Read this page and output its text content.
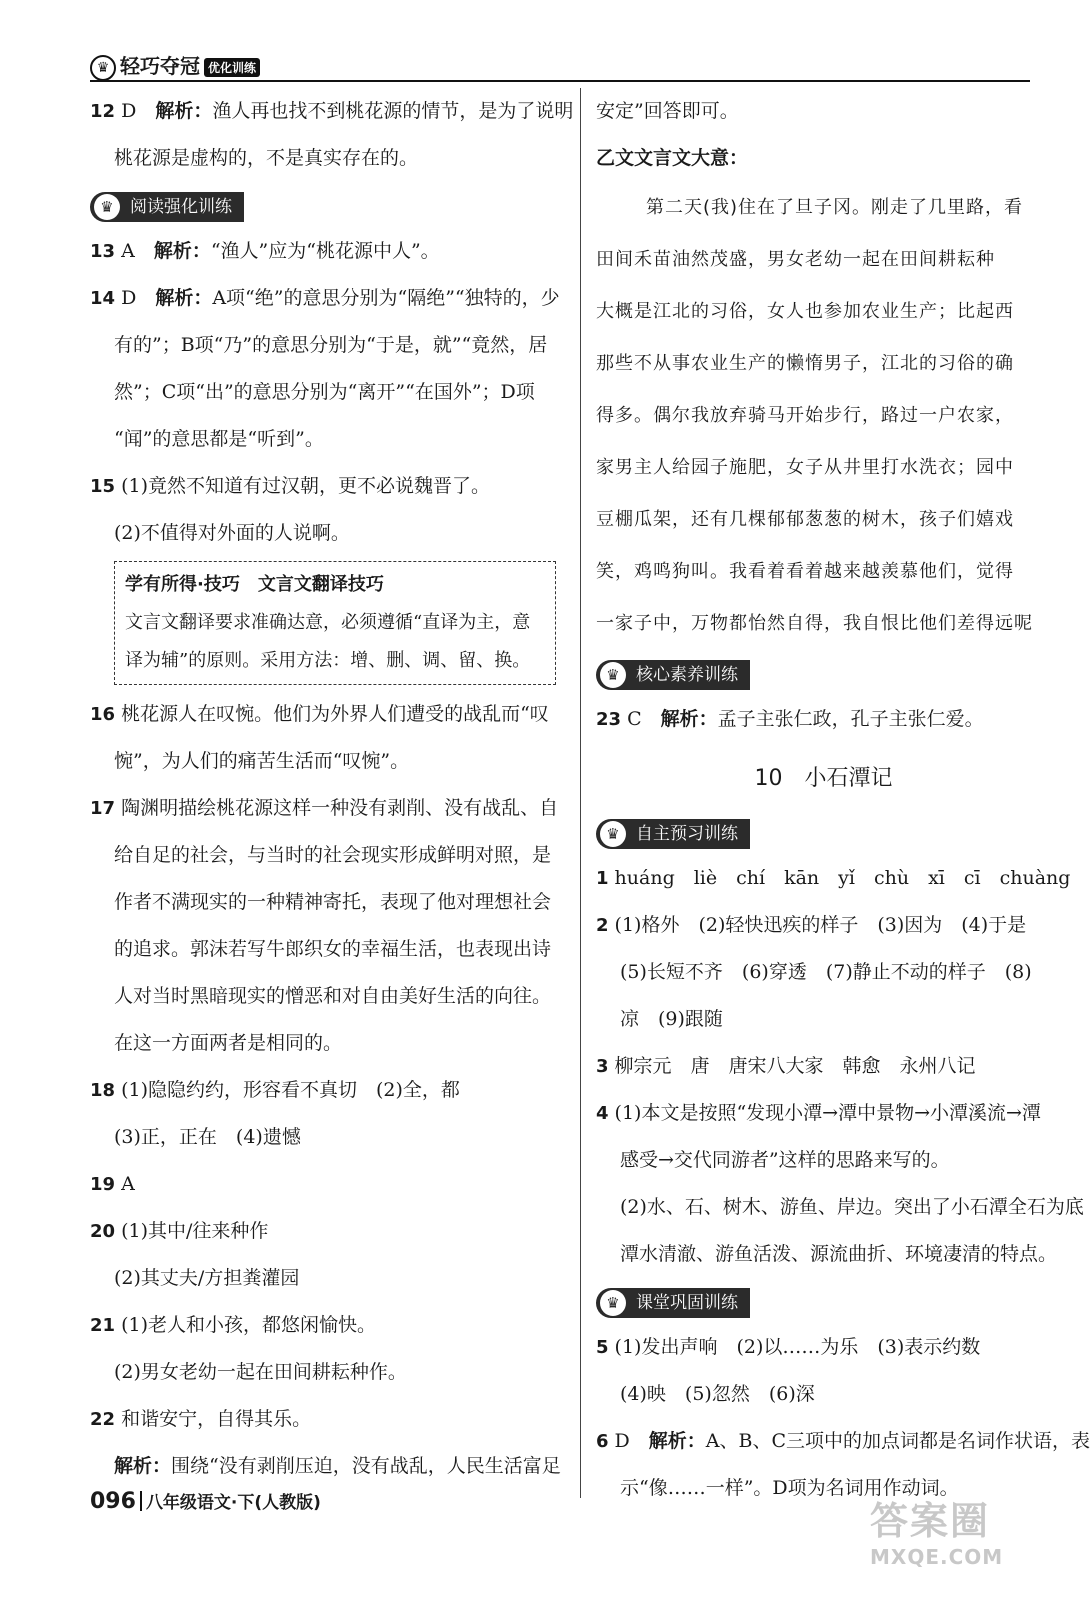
♛ 轻巧夺冠 优化训练
12 D　 解析：渔人再也找不到桃花源的情节，是为了说明
桃花源是虚构的，不是真实存在的。
♛ 阅读强化训练
13 A　 解析：“渔人”应为“桃花源中人”。
14 D　 解析：A项“绝”的意思分别为“隔绝”“独特的，少
有的”；B项“乃”的意思分别为“于是，就”“竟然，居
然”；C项“出”的意思分别为“离开”“在国外”；D项
“闻”的意思都是“听到”。
15 (1)竟然不知道有过汉朝，更不必说魏晋了。
(2)不值得对外面的人说啊。
学有所得·技巧　文言文翻译技巧
文言文翻译要求准确达意，必须遵循“直译为主，意
译为辅”的原则。采用方法：增、删、调、留、换。
16 桃花源人在叹惋。他们为外界人们遭受的战乱而“叹
惋”，为人们的痛苦生活而“叹惋”。
17 陶渊明描绘桃花源这样一种没有剥削、没有战乱、自
给自足的社会，与当时的社会现实形成鲜明对照，是
作者不满现实的一种精神寄托，表现了他对理想社会
的追求。郭沫若写牛郎织女的幸福生活，也表现出诗
人对当时黑暗现实的憎恶和对自由美好生活的向往。
在这一方面两者是相同的。
18 (1)隐隐约约，形容看不真切　(2)全，都
(3)正，正在　(4)遗憾
19 A
20 (1)其中/往来种作
(2)其丈夫/方担粪灌园
21 (1)老人和小孩，都悠闲愉快。
(2)男女老幼一起在田间耕耘种作。
22 和谐安宁，自得其乐。
解析：围绕“没有剥削压迫，没有战乱，人民生活富足
安定”回答即可。
乙文文言文大意：
第二天(我)住在了旦子冈。刚走了几里路，看
田间禾苗油然茂盛，男女老幼一起在田间耕耘种
大概是江北的习俗，女人也参加农业生产；比起西
那些不从事农业生产的懒惰男子，江北的习俗的确
得多。偶尔我放弃骑马开始步行，路过一户农家，
家男主人给园子施肥，女子从井里打水洗衣；园中
豆棚瓜架，还有几棵郁郁葱葱的树木，孩子们嬉戏
笑，鸡鸣狗叫。我看着看着越来越羡慕他们，觉得
一家子中，万物都怡然自得，我自恨比他们差得远呢
♛ 核心素养训练
23 C　 解析：孟子主张仁政，孔子主张仁爱。
10　 小石潭记
♛ 自主预习训练
1 huáng　liè　chí　kān　yǐ　chù　xī　cī　chuàng
2 (1)格外　(2)轻快迅疾的样子　(3)因为　(4)于是
(5)长短不齐　(6)穿透　(7)静止不动的样子　(8)
凉　(9)跟随
3 柳宗元　唐　唐宋八大家　韩愈　永州八记
4 (1)本文是按照“发现小潭→潭中景物→小潭溪流→潭
感受→交代同游者”这样的思路来写的。
(2)水、石、树木、游鱼、岸边。突出了小石潭全石为底
潭水清澈、游鱼活泼、源流曲折、环境凄清的特点。
♛ 课堂巩固训练
5 (1)发出声响　(2)以……为乐　(3)表示约数
(4)映　(5)忽然　(6)深
6 D　 解析：A、B、C三项中的加点词都是名词作状语，表
示“像……一样”。D项为名词用作动词。
096 八年级语文·下(人教版)	答案圈
MXQE.COM
